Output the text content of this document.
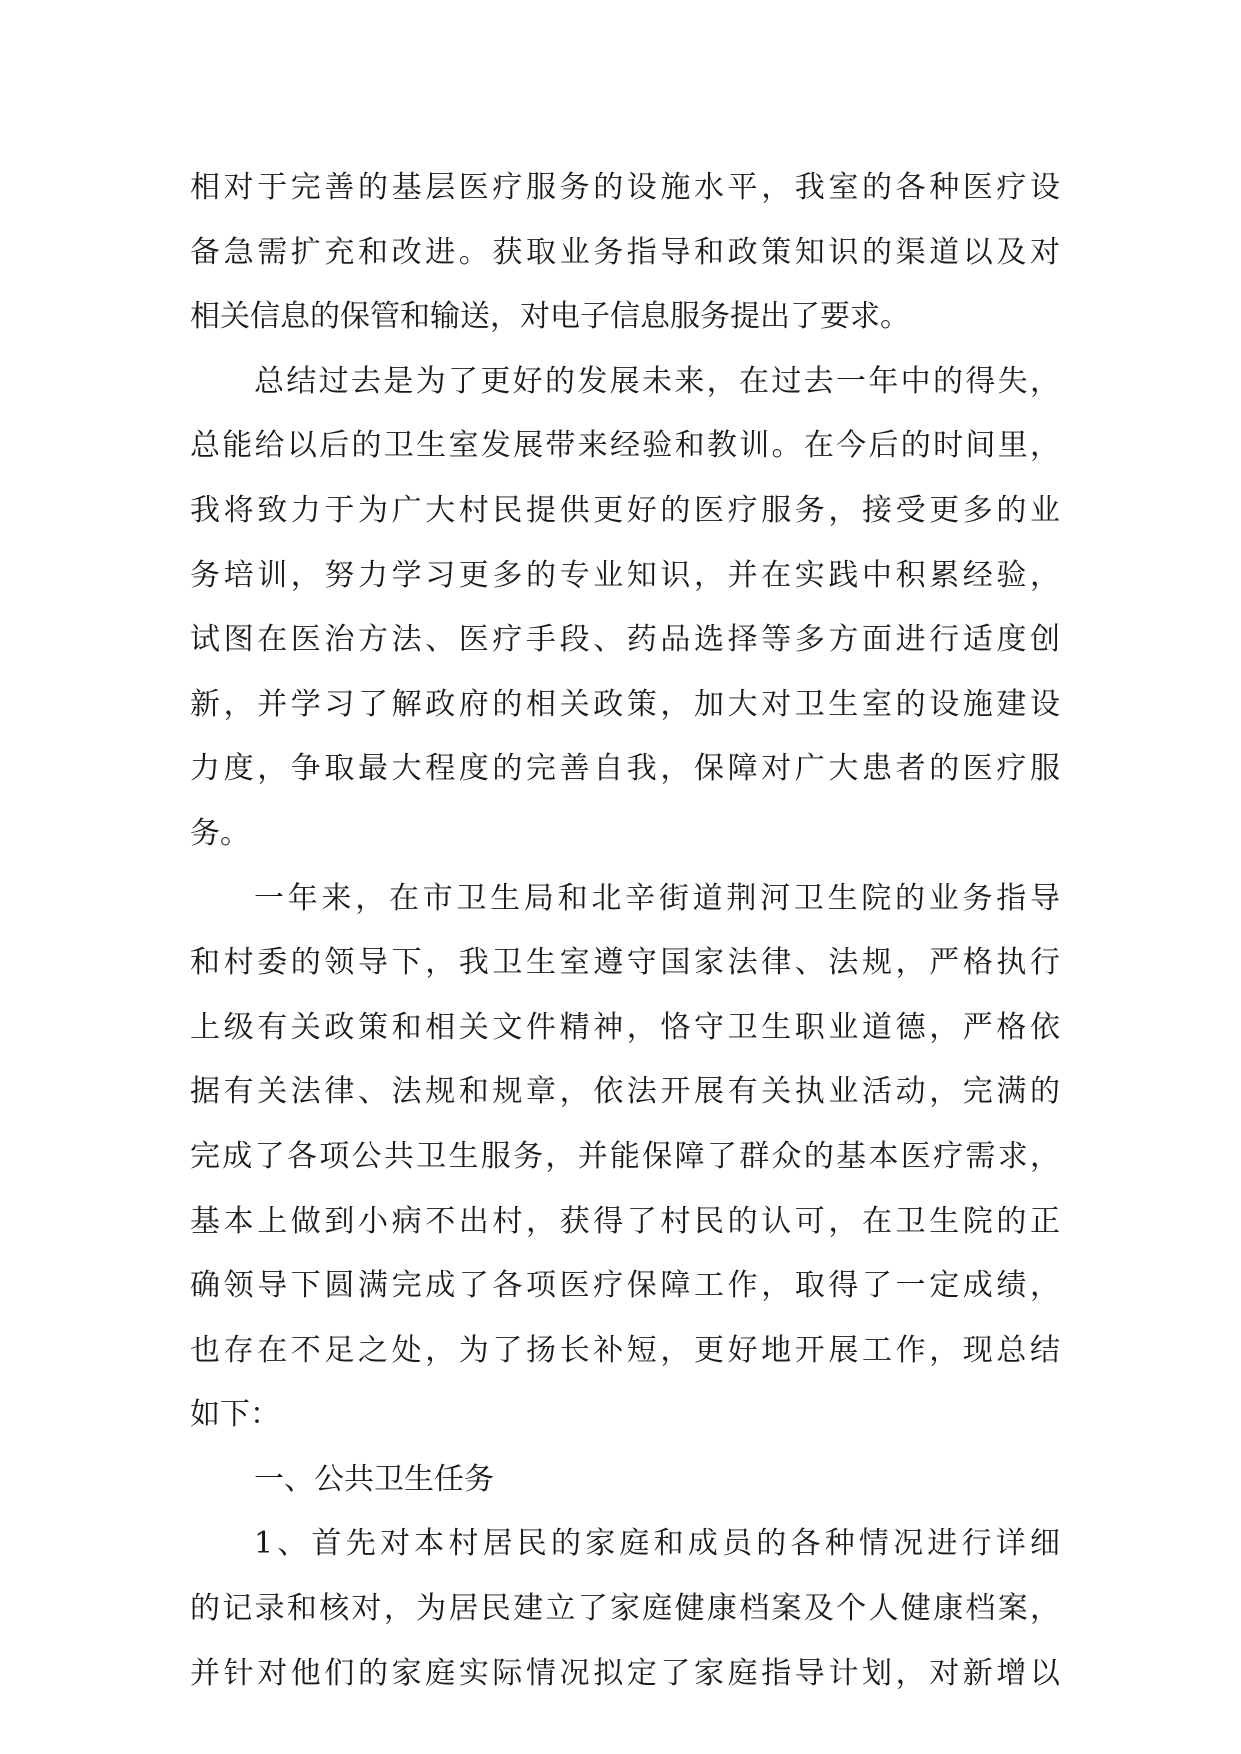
相对于完善的基层医疗服务的设施水平，我室的各种医疗设
备急需扩充和改进。获取业务指导和政策知识的渠道以及对
相关信息的保管和输送，对电子信息服务提出了要求。
总结过去是为了更好的发展未来，在过去一年中的得失，
总能给以后的卫生室发展带来经验和教训。在今后的时间里，
我将致力于为广大村民提供更好的医疗服务，接受更多的业
务培训，努力学习更多的专业知识，并在实践中积累经验，
试图在医治方法、医疗手段、药品选择等多方面进行适度创
新，并学习了解政府的相关政策，加大对卫生室的设施建设
力度，争取最大程度的完善自我，保障对广大患者的医疗服
务。
一年来，在市卫生局和北辛街道荆河卫生院的业务指导
和村委的领导下，我卫生室遵守国家法律、法规，严格执行
上级有关政策和相关文件精神，恪守卫生职业道德，严格依
据有关法律、法规和规章，依法开展有关执业活动，完满的
完成了各项公共卫生服务，并能保障了群众的基本医疗需求，
基本上做到小病不出村，获得了村民的认可，在卫生院的正
确领导下圆满完成了各项医疗保障工作，取得了一定成绩，
也存在不足之处，为了扬长补短，更好地开展工作，现总结
如下：
一、公共卫生任务
1、首先对本村居民的家庭和成员的各种情况进行详细
的记录和核对，为居民建立了家庭健康档案及个人健康档案，
并针对他们的家庭实际情况拟定了家庭指导计划，对新增以
